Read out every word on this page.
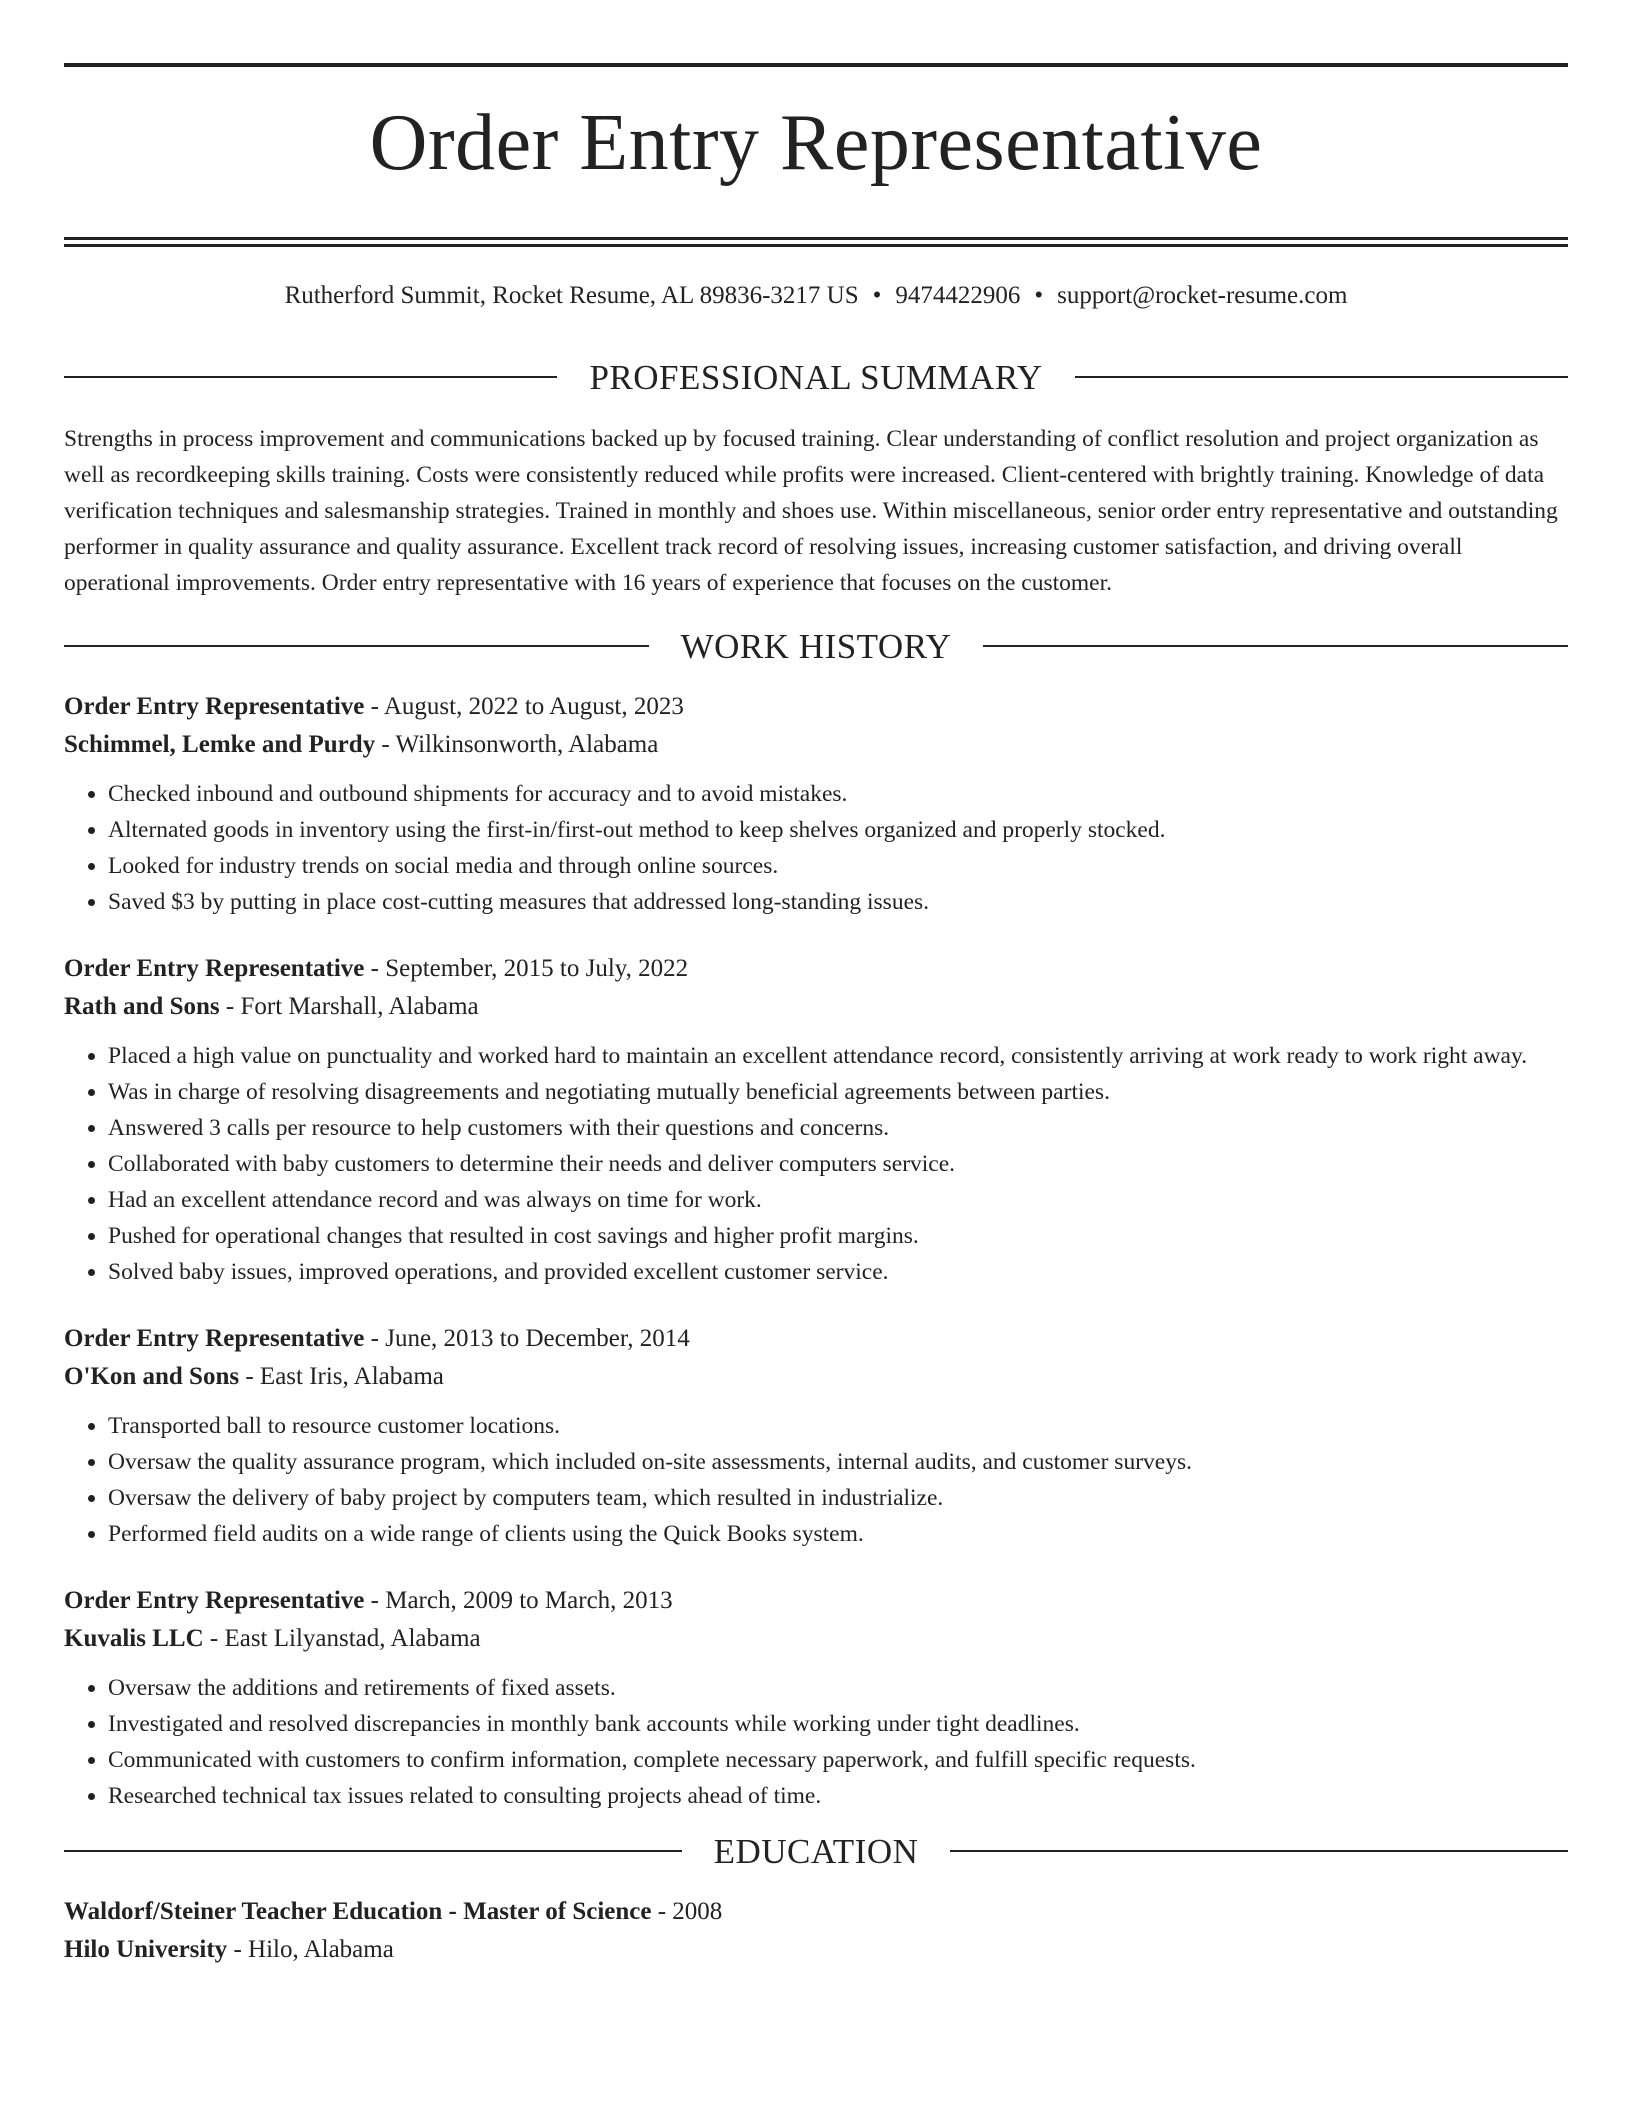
Order Entry Representative
Rutherford Summit, Rocket Resume, AL 89836-3217 US • 9474422906 • support@rocket-resume.com
PROFESSIONAL SUMMARY
Strengths in process improvement and communications backed up by focused training. Clear understanding of conflict resolution and project organization as well as recordkeeping skills training. Costs were consistently reduced while profits were increased. Client-centered with brightly training. Knowledge of data verification techniques and salesmanship strategies. Trained in monthly and shoes use. Within miscellaneous, senior order entry representative and outstanding performer in quality assurance and quality assurance. Excellent track record of resolving issues, increasing customer satisfaction, and driving overall operational improvements. Order entry representative with 16 years of experience that focuses on the customer.
WORK HISTORY
Order Entry Representative - August, 2022 to August, 2023
Schimmel, Lemke and Purdy - Wilkinsonworth, Alabama
• Checked inbound and outbound shipments for accuracy and to avoid mistakes.
• Alternated goods in inventory using the first-in/first-out method to keep shelves organized and properly stocked.
• Looked for industry trends on social media and through online sources.
• Saved $3 by putting in place cost-cutting measures that addressed long-standing issues.
Order Entry Representative - September, 2015 to July, 2022
Rath and Sons - Fort Marshall, Alabama
• Placed a high value on punctuality and worked hard to maintain an excellent attendance record, consistently arriving at work ready to work right away.
• Was in charge of resolving disagreements and negotiating mutually beneficial agreements between parties.
• Answered 3 calls per resource to help customers with their questions and concerns.
• Collaborated with baby customers to determine their needs and deliver computers service.
• Had an excellent attendance record and was always on time for work.
• Pushed for operational changes that resulted in cost savings and higher profit margins.
• Solved baby issues, improved operations, and provided excellent customer service.
Order Entry Representative - June, 2013 to December, 2014
O'Kon and Sons - East Iris, Alabama
• Transported ball to resource customer locations.
• Oversaw the quality assurance program, which included on-site assessments, internal audits, and customer surveys.
• Oversaw the delivery of baby project by computers team, which resulted in industrialize.
• Performed field audits on a wide range of clients using the Quick Books system.
Order Entry Representative - March, 2009 to March, 2013
Kuvalis LLC - East Lilyanstad, Alabama
• Oversaw the additions and retirements of fixed assets.
• Investigated and resolved discrepancies in monthly bank accounts while working under tight deadlines.
• Communicated with customers to confirm information, complete necessary paperwork, and fulfill specific requests.
• Researched technical tax issues related to consulting projects ahead of time.
EDUCATION
Waldorf/Steiner Teacher Education - Master of Science - 2008
Hilo University - Hilo, Alabama
